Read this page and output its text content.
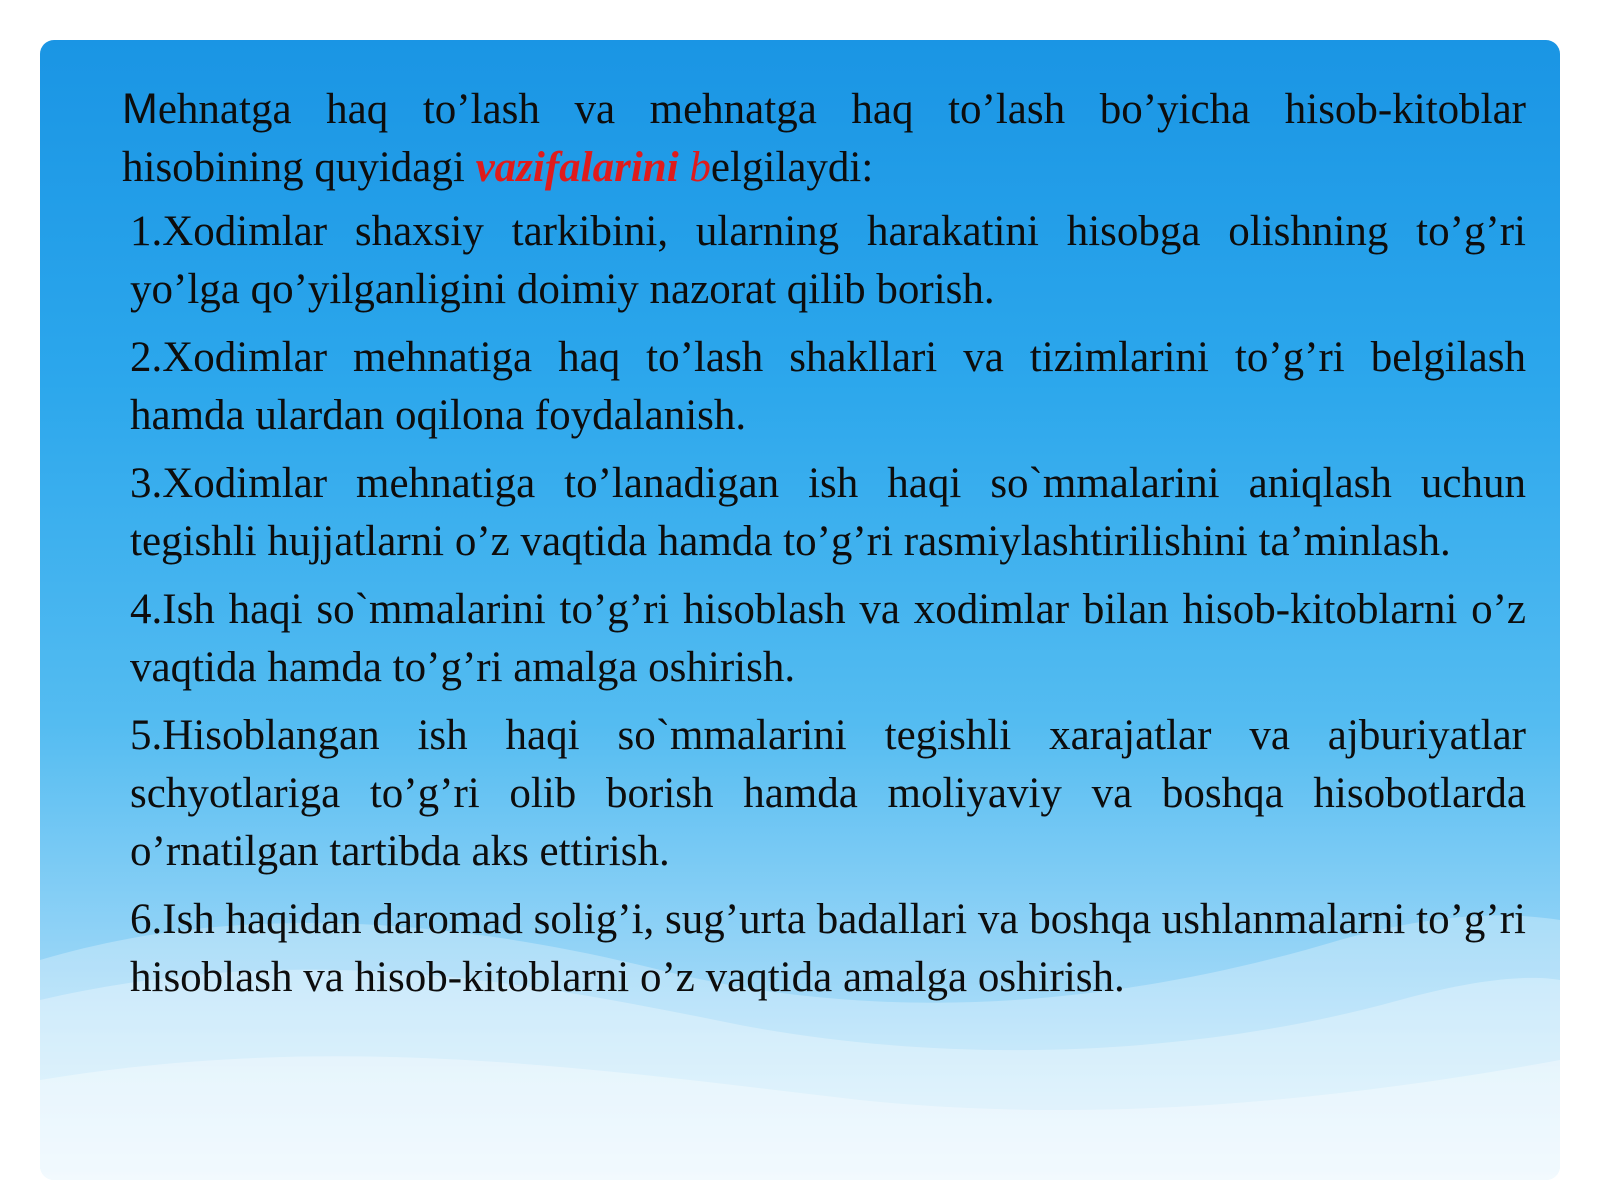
Mehnatga haq to’lash va mehnatga haq to’lash bo’yicha hisob-kitoblar hisobining quyidagi vazifalarini belgilaydi:

1.Xodimlar shaxsiy tarkibini, ularning harakatini hisobga olishning to’g’ri yo’lga qo’yilganligini doimiy nazorat qilib borish.
2.Xodimlar mehnatiga haq to’lash shakllari va tizimlarini to’g’ri belgilash hamda ulardan oqilona foydalanish.
3.Xodimlar mehnatiga to’lanadigan ish haqi so`mmalarini aniqlash uchun tegishli hujjatlarni o’z vaqtida hamda to’g’ri rasmiylashtirilishini ta’minlash.
4.Ish haqi so`mmalarini to’g’ri hisoblash va xodimlar bilan hisob-kitoblarni o’z vaqtida hamda to’g’ri amalga oshirish.
5.Hisoblangan ish haqi so`mmalarini tegishli xarajatlar va ajburiyatlar schyotlariga to’g’ri olib borish hamda moliyaviy va boshqa hisobotlarda o’rnatilgan tartibda aks ettirish.
6.Ish haqidan daromad solig’i, sug’urta badallari va boshqa ushlanmalarni to’g’ri hisoblash va hisob-kitoblarni o’z vaqtida amalga oshirish.
